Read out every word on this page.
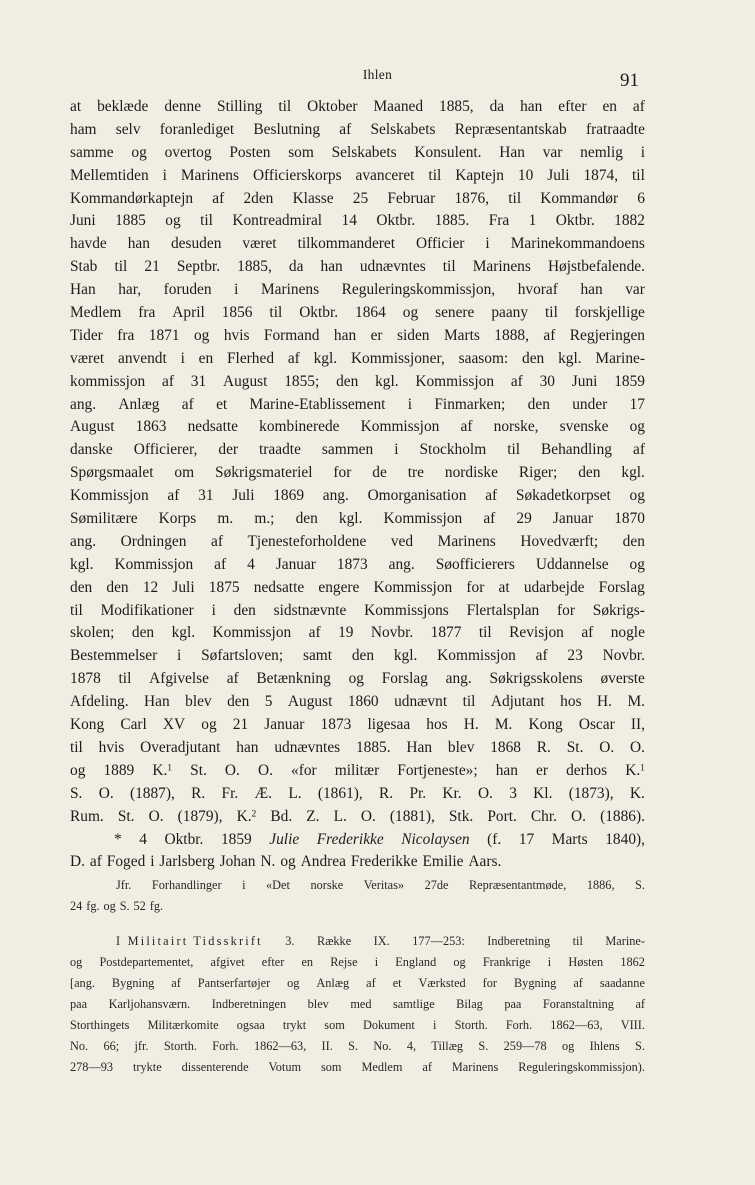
Ihlen	91
at beklæde denne Stilling til Oktober Maaned 1885, da han efter en af
ham selv foranlediget Beslutning af Selskabets Repræsentantskab fratraadte
samme og overtog Posten som Selskabets Konsulent. Han var nemlig i
Mellemtiden i Marinens Officierskorps avanceret til Kaptejn 10 Juli 1874, til
Kommandørkaptejn af 2den Klasse 25 Februar 1876, til Kommandør 6
Juni 1885 og til Kontreadmiral 14 Oktbr. 1885. Fra 1 Oktbr. 1882
havde han desuden været tilkommanderet Officier i Marinekommandoens
Stab til 21 Septbr. 1885, da han udnævntes til Marinens Højstbefalende.
Han har, foruden i Marinens Reguleringskommissjon, hvoraf han var
Medlem fra April 1856 til Oktbr. 1864 og senere paany til forskjellige
Tider fra 1871 og hvis Formand han er siden Marts 1888, af Regjeringen
været anvendt i en Flerhed af kgl. Kommissjoner, saasom: den kgl. Marine-
kommissjon af 31 August 1855; den kgl. Kommissjon af 30 Juni 1859
ang. Anlæg af et Marine-Etablissement i Finmarken; den under 17
August 1863 nedsatte kombinerede Kommissjon af norske, svenske og
danske Officierer, der traadte sammen i Stockholm til Behandling af
Spørgsmaalet om Søkrigsmateriel for de tre nordiske Riger; den kgl.
Kommissjon af 31 Juli 1869 ang. Omorganisation af Søkadetkorpset og
Sømilitære Korps m. m.; den kgl. Kommissjon af 29 Januar 1870
ang. Ordningen af Tjenesteforholdene ved Marinens Hovedværft; den
kgl. Kommissjon af 4 Januar 1873 ang. Søofficierers Uddannelse og
den den 12 Juli 1875 nedsatte engere Kommissjon for at udarbejde Forslag
til Modifikationer i den sidstnævnte Kommissjons Flertalsplan for Søkrigs-
skolen; den kgl. Kommissjon af 19 Novbr. 1877 til Revisjon af nogle
Bestemmelser i Søfartsloven; samt den kgl. Kommissjon af 23 Novbr.
1878 til Afgivelse af Betænkning og Forslag ang. Søkrigsskolens øverste
Afdeling. Han blev den 5 August 1860 udnævnt til Adjutant hos H. M.
Kong Carl XV og 21 Januar 1873 ligesaa hos H. M. Kong Oscar II,
til hvis Overadjutant han udnævntes 1885. Han blev 1868 R. St. O. O.
og 1889 K.$^1$ St. O. O. «for militær Fortjeneste»; han er derhos K.$^1$
S. O. (1887), R. Fr. Æ. L. (1861), R. Pr. Kr. O. 3 Kl. (1873), K.
Rum. St. O. (1879), K.$^2$ Bd. Z. L. O. (1881), Stk. Port. Chr. O. (1886).
* 4 Oktbr. 1859 Julie Frederikke Nicolaysen (f. 17 Marts 1840),
D. af Foged i Jarlsberg Johan N. og Andrea Frederikke Emilie Aars.
Jfr. Forhandlinger i «Det norske Veritas» 27de Repræsentantmøde, 1886, S.
24 fg. og S. 52 fg.
I Militairt Tidsskrift 3. Række IX. 177—253: Indberetning til Marine-
og Postdepartementet, afgivet efter en Rejse i England og Frankrige i Høsten 1862
[ang. Bygning af Pantserfartøjer og Anlæg af et Værksted for Bygning af saadanne
paa Karljohansværn. Indberetningen blev med samtlige Bilag paa Foranstaltning af
Storthingets Militærkomite ogsaa trykt som Dokument i Storth. Forh. 1862—63, VIII.
No. 66; jfr. Storth. Forh. 1862—63, II. S. No. 4, Tillæg S. 259—78 og Ihlens S.
278—93 trykte dissenterende Votum som Medlem af Marinens Reguleringskommissjon).
